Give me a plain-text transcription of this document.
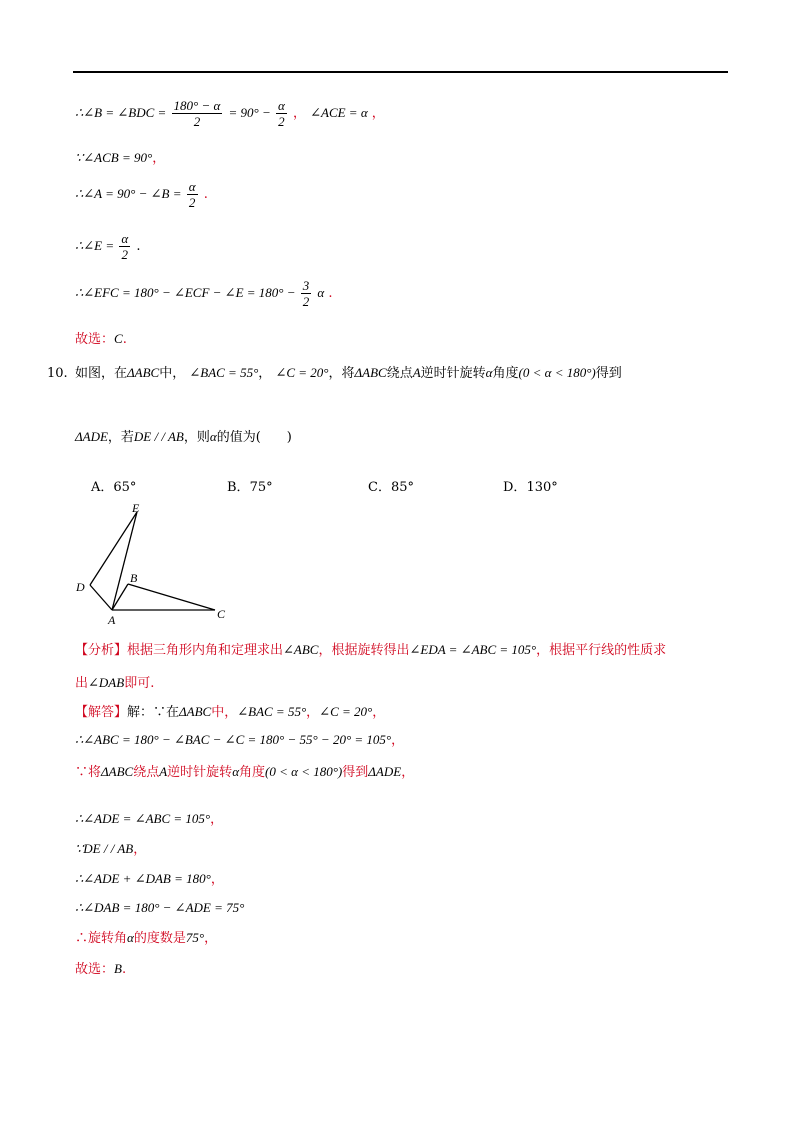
∴∠B = ∠BDC = $\frac{180^\circ - \alpha}{2} = 90^\circ - \frac{\alpha}{2}$ ， ∠ACE = α ，
∵∠ACB = 90°，
∴∠A = 90° − ∠B = $\frac{\alpha}{2}$ .
∴∠E = $\frac{\alpha}{2}$ .
∴∠EFC = 180° − ∠ECF − ∠E = $180^\circ - \frac{3}{2}$ α .
故选：C.
10. 如图，在ΔABC中， ∠BAC = 55°， ∠C = 20°，将ΔABC绕点A逆时针旋转α角度(0 < α < 180°)得到
ΔADE，若DE / / AB，则α的值为(　　)
A．65°	B．75°	C．85°	D．130°
E
D
B
A	C
【分析】根据三角形内角和定理求出∠ABC，根据旋转得出∠EDA = ∠ABC = 105°，根据平行线的性质求
出∠DAB即可.
【解答】解：∵在ΔABC中，∠BAC = 55°，∠C = 20°，
∴∠ABC = 180° − ∠BAC − ∠C = 180° − 55° − 20° = 105°，
∵将ΔABC绕点A逆时针旋转α角度(0 < α < 180°)得到ΔADE，
∴∠ADE = ∠ABC = 105°，
∵DE / / AB，
∴∠ADE + ∠DAB = 180°，
∴∠DAB = 180° − ∠ADE = 75°
∴旋转角α的度数是75°，
故选：B.
